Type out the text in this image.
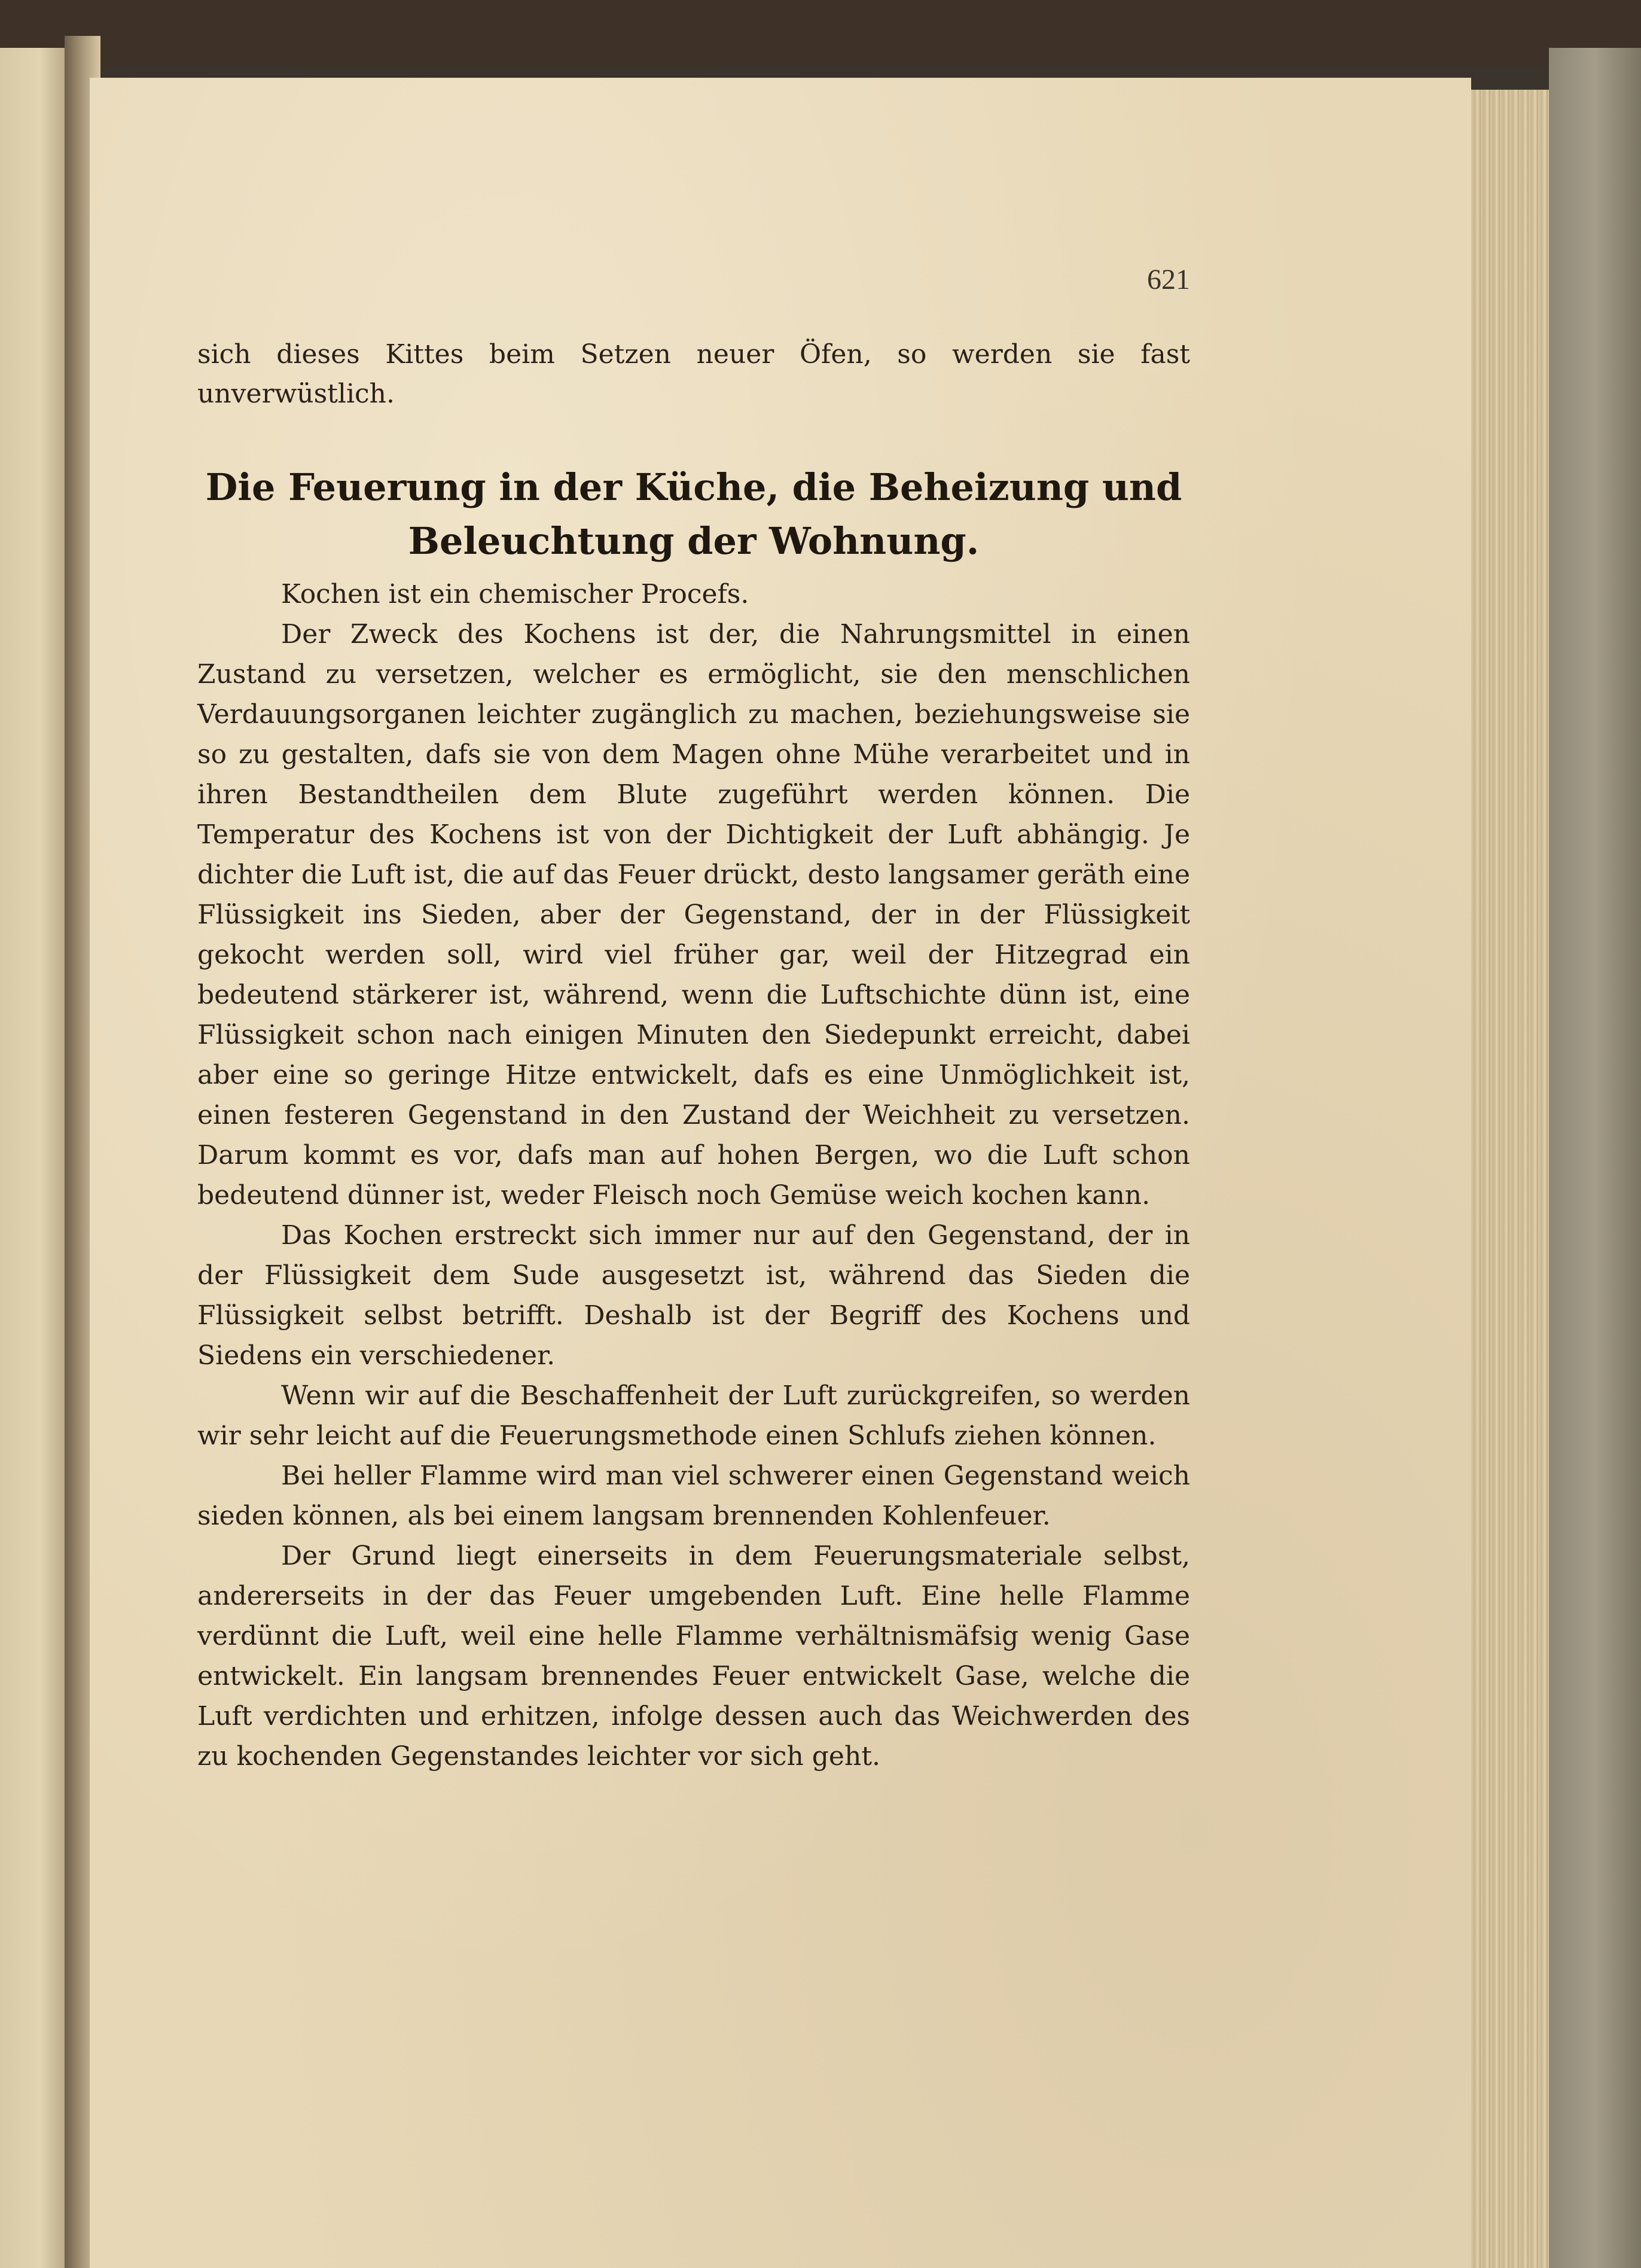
621
sich dieses Kittes beim Setzen neuer Öfen, so werden sie fast unverwüstlich.
Die Feuerung in der Küche, die Beheizung und Beleuchtung der Wohnung.

Kochen ist ein chemischer Procefs.

Der Zweck des Kochens ist der, die Nahrungsmittel in einen Zustand zu versetzen, welcher es ermöglicht, sie den menschlichen Verdauungsorganen leichter zugänglich zu machen, beziehungsweise sie so zu gestalten, dafs sie von dem Magen ohne Mühe verarbeitet und in ihren Bestandtheilen dem Blute zugeführt werden können. Die Temperatur des Kochens ist von der Dichtigkeit der Luft abhängig. Je dichter die Luft ist, die auf das Feuer drückt, desto langsamer geräth eine Flüssigkeit ins Sieden, aber der Gegenstand, der in der Flüssigkeit gekocht werden soll, wird viel früher gar, weil der Hitzegrad ein bedeutend stärkerer ist, während, wenn die Luftschichte dünn ist, eine Flüssigkeit schon nach einigen Minuten den Siedepunkt erreicht, dabei aber eine so geringe Hitze entwickelt, dafs es eine Unmöglichkeit ist, einen festeren Gegenstand in den Zustand der Weichheit zu versetzen. Darum kommt es vor, dafs man auf hohen Bergen, wo die Luft schon bedeutend dünner ist, weder Fleisch noch Gemüse weich kochen kann.

Das Kochen erstreckt sich immer nur auf den Gegenstand, der in der Flüssigkeit dem Sude ausgesetzt ist, während das Sieden die Flüssigkeit selbst betrifft. Deshalb ist der Begriff des Kochens und Siedens ein verschiedener.

Wenn wir auf die Beschaffenheit der Luft zurückgreifen, so werden wir sehr leicht auf die Feuerungsmethode einen Schlufs ziehen können.

Bei heller Flamme wird man viel schwerer einen Gegenstand weich sieden können, als bei einem langsam brennenden Kohlenfeuer.

Der Grund liegt einerseits in dem Feuerungsmateriale selbst, andererseits in der das Feuer umgebenden Luft. Eine helle Flamme verdünnt die Luft, weil eine helle Flamme verhältnismäfsig wenig Gase entwickelt. Ein langsam brennendes Feuer entwickelt Gase, welche die Luft verdichten und erhitzen, infolge dessen auch das Weichwerden des zu kochenden Gegenstandes leichter vor sich geht.
